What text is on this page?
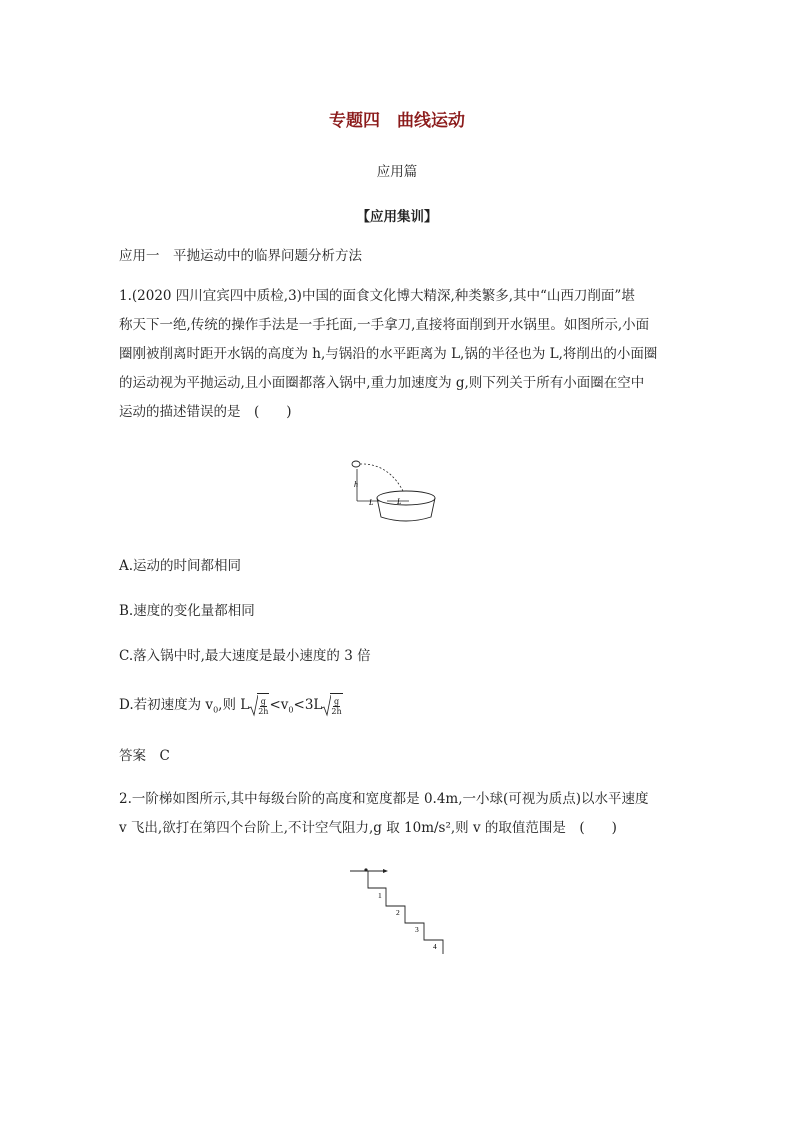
专题四　曲线运动
应用篇
【应用集训】
应用一　平抛运动中的临界问题分析方法
1.(2020 四川宜宾四中质检,3)中国的面食文化博大精深,种类繁多,其中“山西刀削面”堪
称天下一绝,传统的操作手法是一手托面,一手拿刀,直接将面削到开水锅里。如图所示,小面
圈刚被削离时距开水锅的高度为 h,与锅沿的水平距离为 L,锅的半径也为 L,将削出的小面圈
的运动视为平抛运动,且小面圈都落入锅中,重力加速度为 g,则下列关于所有小面圈在空中
运动的描述错误的是　(　　)
h
L	L
A.运动的时间都相同
B.速度的变化量都相同
C.落入锅中时,最大速度是最小速度的 3 倍
D.若初速度为 $v_0$,则 L $\frac{g}{2h} <v_0<3L \frac{g}{2h}$
答案　C
2.一阶梯如图所示,其中每级台阶的高度和宽度都是 0.4m,一小球(可视为质点)以水平速度
v 飞出,欲打在第四个台阶上,不计空气阻力,g 取 10m/s²,则 v 的取值范围是　(　　)
1
2
3
4
